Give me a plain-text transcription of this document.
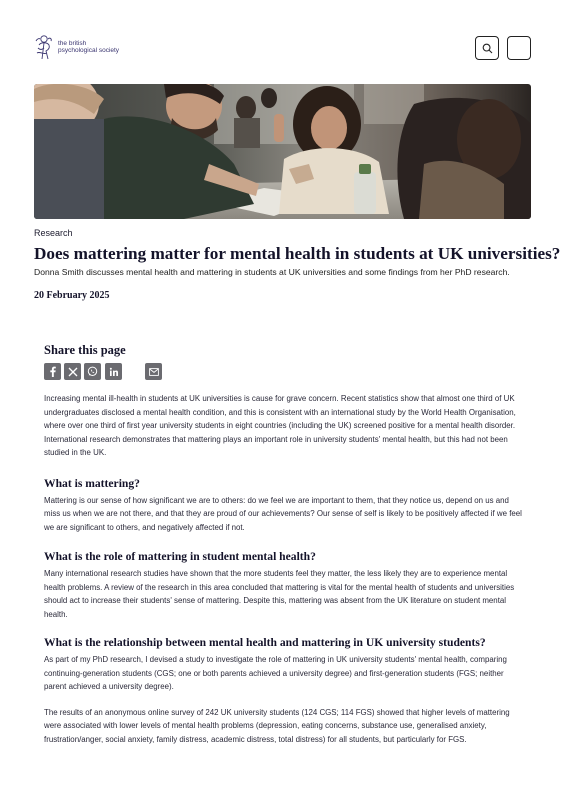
the british
psychological society
Research
Does mattering matter for mental health in students at UK universities?
Donna Smith discusses mental health and mattering in students at UK universities and some findings from her PhD research.
20 February 2025
Share this page

Increasing mental ill-health in students at UK universities is cause for grave concern. Recent statistics show that almost one third of UK undergraduates disclosed a mental health condition, and this is consistent with an international study by the World Health Organisation, where over one third of first year university students in eight countries (including the UK) screened positive for a mental health disorder. International research demonstrates that mattering plays an important role in university students' mental health, but this had not been studied in the UK.

What is mattering?

Mattering is our sense of how significant we are to others: do we feel we are important to them, that they notice us, depend on us and miss us when we are not there, and that they are proud of our achievements? Our sense of self is likely to be positively affected if we feel we are significant to others, and negatively affected if not.

What is the role of mattering in student mental health?

Many international research studies have shown that the more students feel they matter, the less likely they are to experience mental health problems. A review of the research in this area concluded that mattering is vital for the mental health of students and universities should act to increase their students' sense of mattering. Despite this, mattering was absent from the UK literature on student mental health.

What is the relationship between mental health and mattering in UK university students?

As part of my PhD research, I devised a study to investigate the role of mattering in UK university students' mental health, comparing continuing-generation students (CGS; one or both parents achieved a university degree) and first-generation students (FGS; neither parent achieved a university degree).

The results of an anonymous online survey of 242 UK university students (124 CGS; 114 FGS) showed that higher levels of mattering were associated with lower levels of mental health problems (depression, eating concerns, substance use, generalised anxiety, frustration/anger, social anxiety, family distress, academic distress, total distress) for all students, but particularly for FGS.
